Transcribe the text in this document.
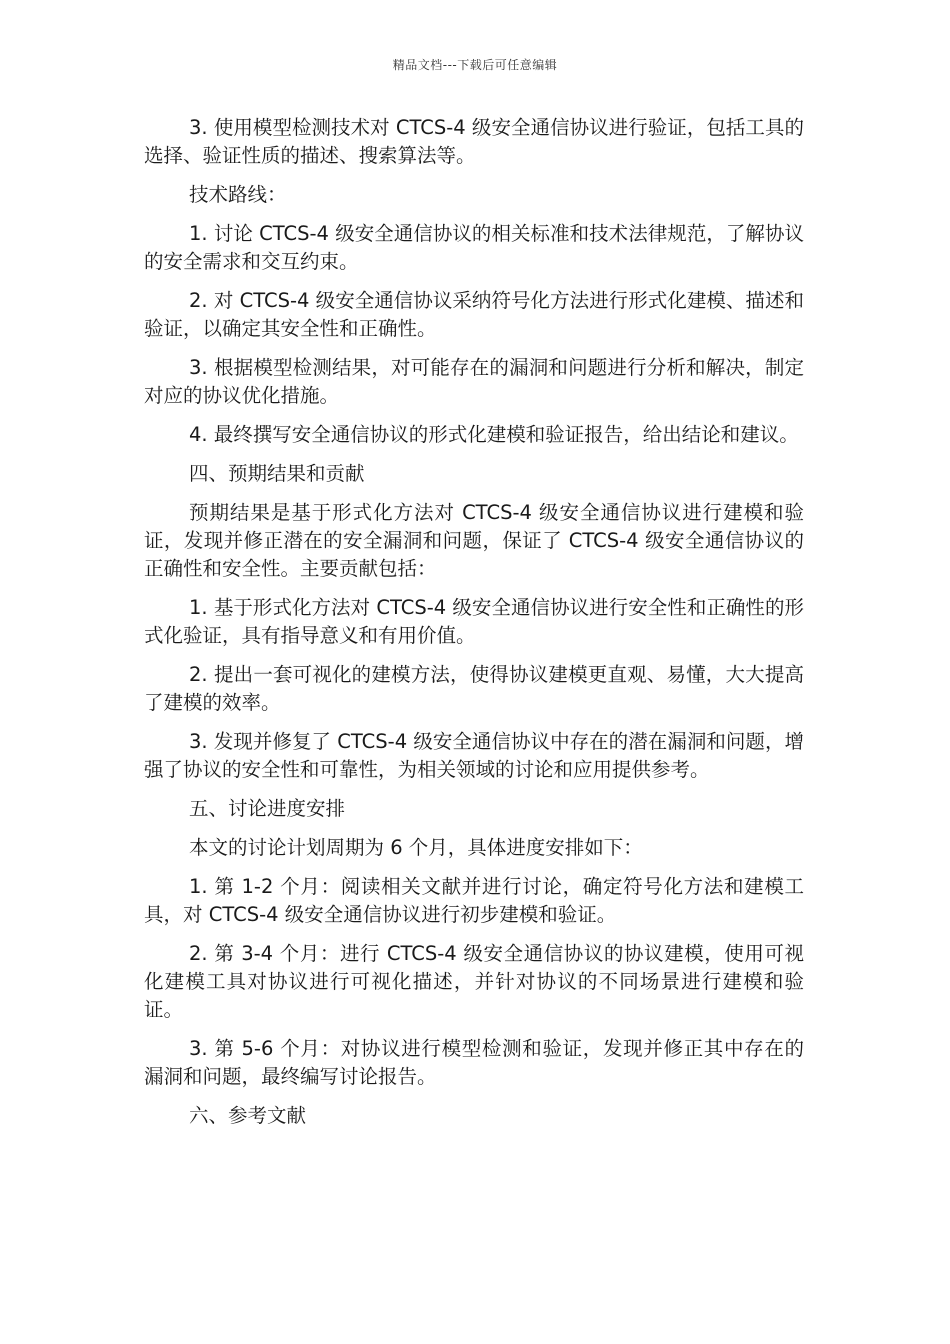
精品文档---下载后可任意编辑

3. 使用模型检测技术对 CTCS-4 级安全通信协议进行验证，包括工具的选择、验证性质的描述、搜索算法等。

技术路线：

1. 讨论 CTCS-4 级安全通信协议的相关标准和技术法律规范，了解协议的安全需求和交互约束。

2. 对 CTCS-4 级安全通信协议采纳符号化方法进行形式化建模、描述和验证，以确定其安全性和正确性。

3. 根据模型检测结果，对可能存在的漏洞和问题进行分析和解决，制定对应的协议优化措施。

4. 最终撰写安全通信协议的形式化建模和验证报告，给出结论和建议。

四、预期结果和贡献

预期结果是基于形式化方法对 CTCS-4 级安全通信协议进行建模和验证，发现并修正潜在的安全漏洞和问题，保证了 CTCS-4 级安全通信协议的正确性和安全性。主要贡献包括：

1. 基于形式化方法对 CTCS-4 级安全通信协议进行安全性和正确性的形式化验证，具有指导意义和有用价值。

2. 提出一套可视化的建模方法，使得协议建模更直观、易懂，大大提高了建模的效率。

3. 发现并修复了 CTCS-4 级安全通信协议中存在的潜在漏洞和问题，增强了协议的安全性和可靠性，为相关领域的讨论和应用提供参考。

五、讨论进度安排

本文的讨论计划周期为 6 个月，具体进度安排如下：

1. 第 1-2 个月：阅读相关文献并进行讨论，确定符号化方法和建模工具，对 CTCS-4 级安全通信协议进行初步建模和验证。

2. 第 3-4 个月：进行 CTCS-4 级安全通信协议的协议建模，使用可视化建模工具对协议进行可视化描述，并针对协议的不同场景进行建模和验证。

3. 第 5-6 个月：对协议进行模型检测和验证，发现并修正其中存在的漏洞和问题，最终编写讨论报告。

六、参考文献
